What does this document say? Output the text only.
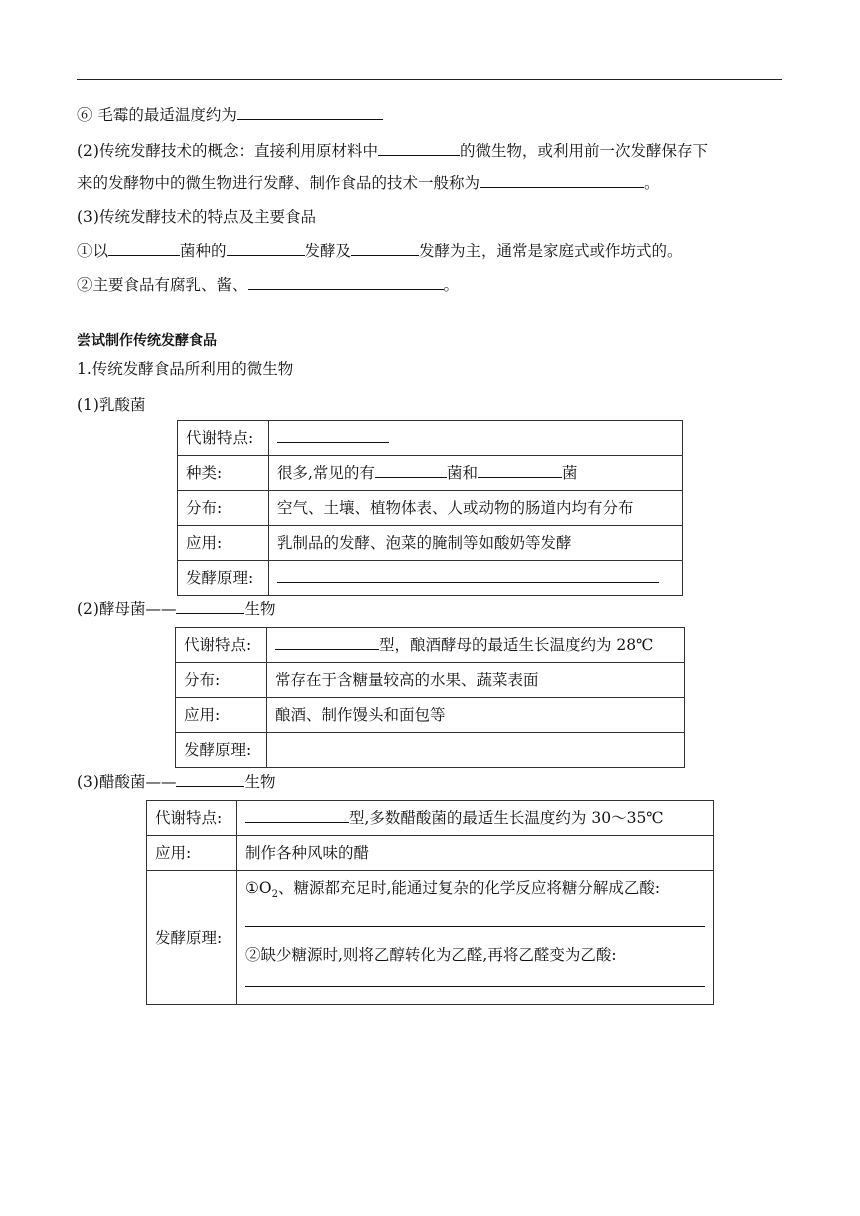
⑥ 毛霉的最适温度约为
(2)传统发酵技术的概念：直接利用原材料中	的微生物，或利用前一次发酵保存下
来的发酵物中的微生物进行发酵、制作食品的技术一般称为	。
(3)传统发酵技术的特点及主要食品
①以	菌种的	发酵及	发酵为主，通常是家庭式或作坊式的。
②主要食品有腐乳、酱、	。
尝试制作传统发酵食品
1.传统发酵食品所利用的微生物
(1)乳酸菌
代谢特点:	
种类:	很多,常见的有 菌和 菌
分布:	空气、土壤、植物体表、人或动物的肠道内均有分布
应用:	乳制品的发酵、泡菜的腌制等如酸奶等发酵
发酵原理:	
(2)酵母菌——	生物
代谢特点:	型，酿酒酵母的最适生长温度约为 28℃
分布:	常存在于含糖量较高的水果、蔬菜表面
应用:	酿酒、制作馒头和面包等
发酵原理:	
(3)醋酸菌——	生物
代谢特点:	型,多数醋酸菌的最适生长温度约为 30～35℃
应用:	制作各种风味的醋
发酵原理:	$①O_2$、糖源都充足时,能通过复杂的化学反应将糖分解成乙酸:
②缺少糖源时,则将乙醇转化为乙醛,再将乙醛变为乙酸:
